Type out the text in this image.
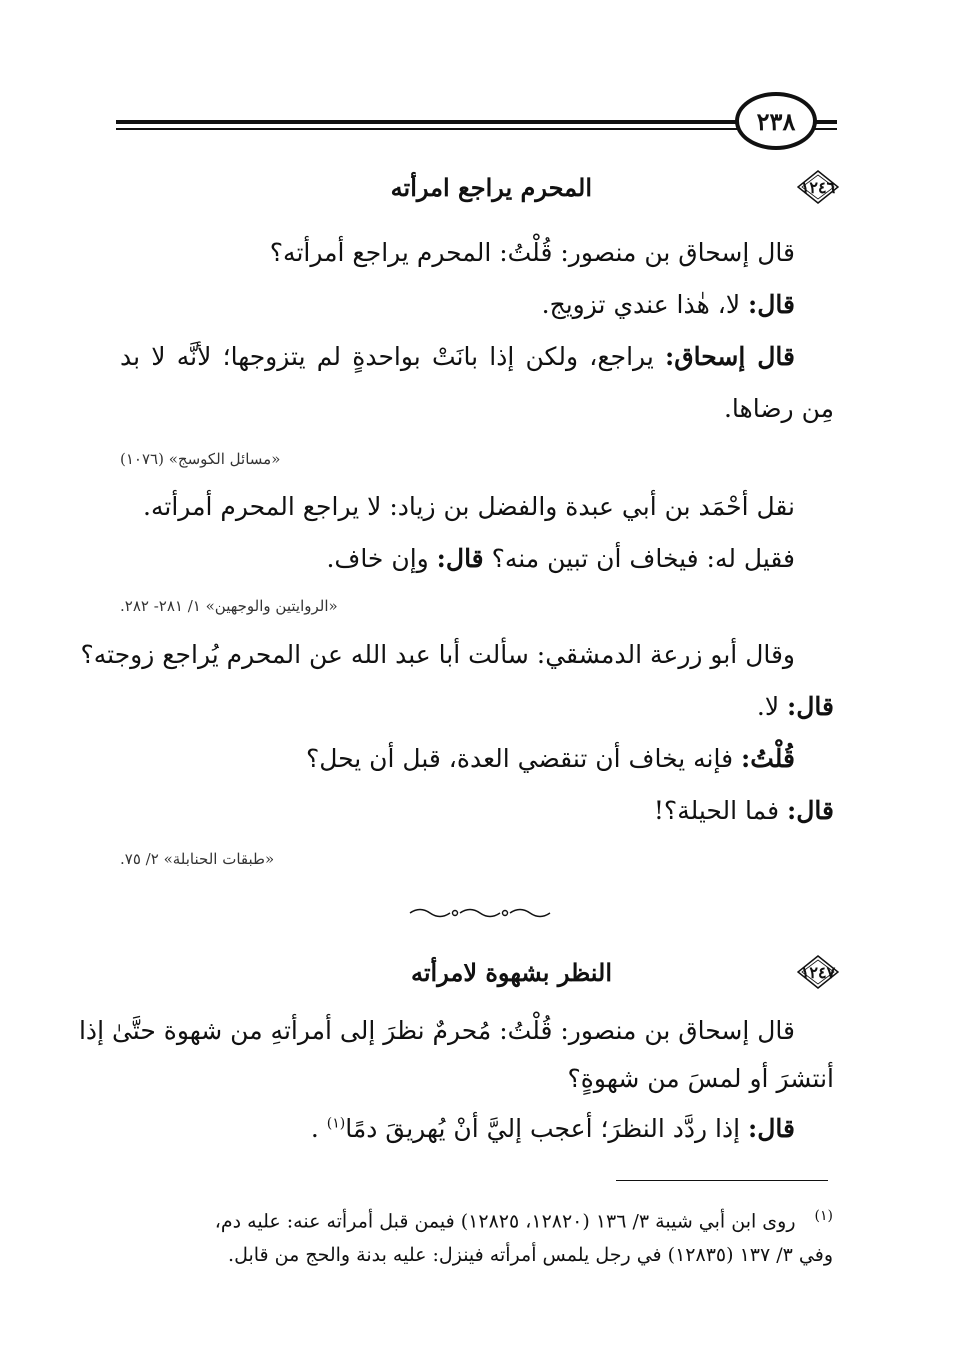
٢٣٨
١٢٤٦
المحرم يراجع امرأته
قال إسحاق بن منصور: قُلْتُ: المحرم يراجع أمرأته؟
قال: لا، هٰذا عندي تزويج.
قال إسحاق: يراجع، ولكن إذا بانَتْ بواحدةٍ لم يتزوجها؛ لأنَّه لا بد
مِن رضاها.
«مسائل الكوسج» (١٠٧٦)
نقل أحْمَد بن أبي عبدة والفضل بن زياد: لا يراجع المحرم أمرأته.
فقيل له: فيخاف أن تبين منه؟ قال: وإن خاف.
«الروايتين والوجهين» ١/ ٢٨١- ٢٨٢.
وقال أبو زرعة الدمشقي: سألت أبا عبد الله عن المحرم يُراجع زوجته؟
قال: لا.
قُلْتُ: فإنه يخاف أن تنقضي العدة، قبل أن يحل؟
قال: فما الحيلة؟!
«طبقات الحنابلة» ٢/ ٧٥.
١٢٤٧
النظر بشهوة لامرأته
قال إسحاق بن منصور: قُلْتُ: مُحرمٌ نظرَ إلى أمرأتهِ من شهوة حتَّىٰ إذا
أنتشرَ أو لمسَ من شهوةٍ؟
قال: إذا ردَّد النظرَ؛ أعجب إليَّ أنْ يُهريقَ دمًا$^{(١)}$ .
$^{(١)}$ روى ابن أبي شيبة ٣/ ١٣٦ (١٢٨٢٠، ١٢٨٢٥) فيمن قبل أمرأته عنه: عليه دم،
وفي ٣/ ١٣٧ (١٢٨٣٥) في رجل يلمس أمرأته فينزل: عليه بدنة والحج من قابل.
